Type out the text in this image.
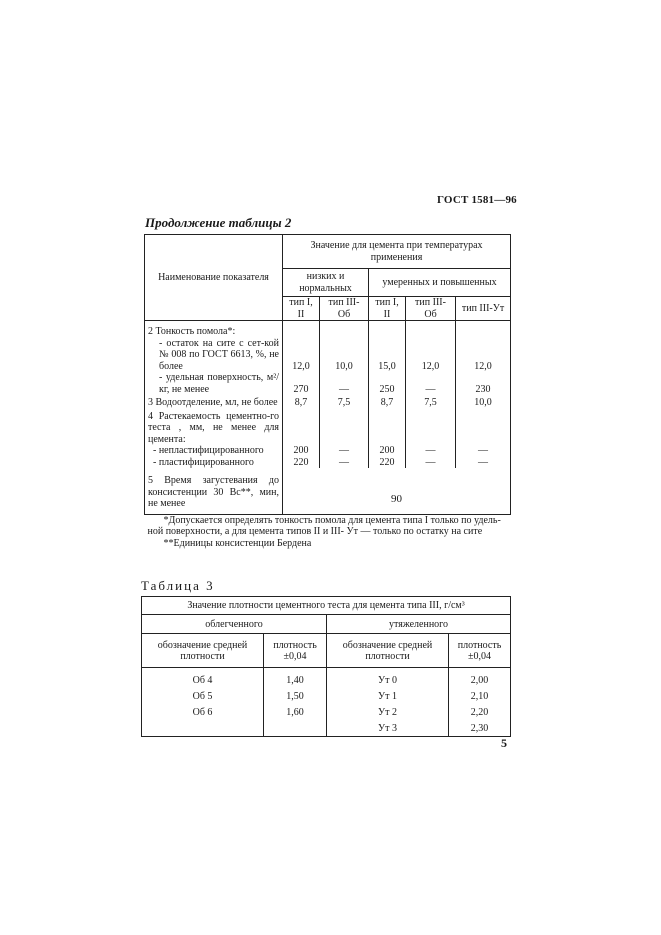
ГОСТ 1581—96
Продолжение таблицы 2
Наименование показателя	Значение для цемента при температурах применения				
	низких и нормальных		умеренных и повышенных		
	тип I, II	тип III-Об	тип I, II	тип III-Об	тип III-Ут
2 Тонкость помола*:					
- остаток на сите с сет-кой № 008 по ГОСТ 6613, %, не более	12,0	10,0	15,0	12,0	12,0
- удельная поверхность, м²/кг, не менее	270	—	250	—	230
3 Водоотделение, мл, не более	8,7	7,5	8,7	7,5	10,0
4 Растекаемость цементно-го теста , мм, не менее для цемента:					
- непластифицированного	200	—	200	—	—
- пластифицированного	220	—	220	—	—
5 Время загустевания до консистенции 30 Вс**, мин, не менее	90				

*Допускается определять тонкость помола для цемента типа I только по удель-
ной поверхности, а для цемента типов II и III- Ут — только по остатку на сите
**Единицы консистенции Бердена					
Таблица 3
Значение плотности цементного теста для цемента типа III, г/см³			
облегченного		утяжеленного	
обозначение средней плотности	плотность ±0,04	обозначение средней плотности	плотность ±0,04
Об 4	1,40	Ут 0	2,00
Об 5	1,50	Ут 1	2,10
Об 6	1,60	Ут 2	2,20
		Ут 3	2,30
5
